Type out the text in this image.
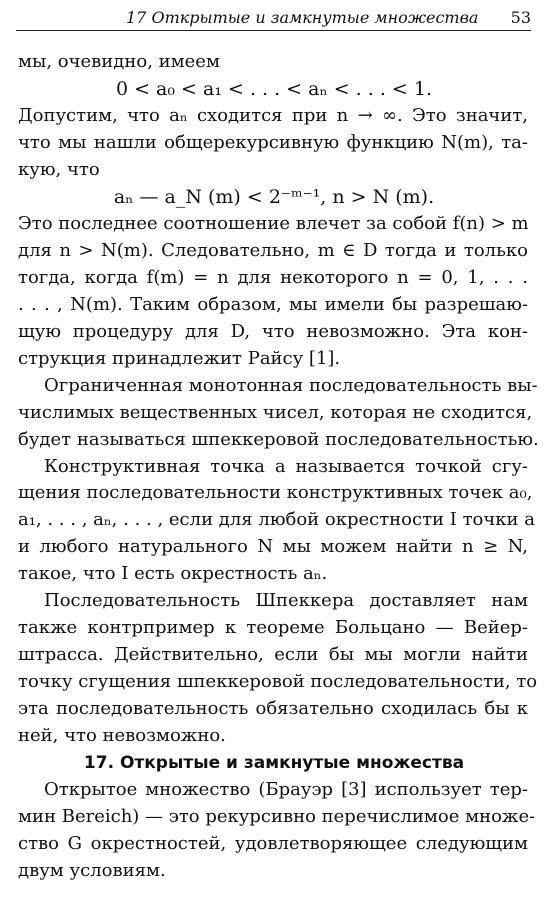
17 Открытые и замкнутые множества 53
мы, очевидно, имеем
0 < a₀ < a₁ < . . . < aₙ < . . . < 1.
Допустим, что aₙ сходится при n → ∞. Это значит,
что мы нашли общерекурсивную функцию N(m), та-
кую, что
aₙ — a_N (m) < 2⁻ᵐ⁻¹, n > N (m).
Это последнее соотношение влечет за собой f(n) > m
для n > N(m). Следовательно, m ∈ D тогда и только
тогда, когда f(m) = n для некоторого n = 0, 1, . . .
. . . , N(m). Таким образом, мы имели бы разрешаю-
щую процедуру для D, что невозможно. Эта кон-
струкция принадлежит Райсу [1].
Ограниченная монотонная последовательность вы-
числимых вещественных чисел, которая не сходится,
будет называться шпеккеровой последовательностью.
Конструктивная точка a называется точкой сгу-
щения последовательности конструктивных точек a₀,
a₁, . . . , aₙ, . . . , если для любой окрестности I точки a
и любого натурального N мы можем найти n ≥ N,
такое, что I есть окрестность aₙ.
Последовательность Шпеккера доставляет нам
также контрпример к теореме Больцано — Вейер-
штрасса. Действительно, если бы мы могли найти
точку сгущения шпеккеровой последовательности, то
эта последовательность обязательно сходилась бы к
ней, что невозможно.
17. Открытые и замкнутые множества
Открытое множество (Брауэр [3] использует тер-
мин Bereich) — это рекурсивно перечислимое множе-
ство G окрестностей, удовлетворяющее следующим
двум условиям.
